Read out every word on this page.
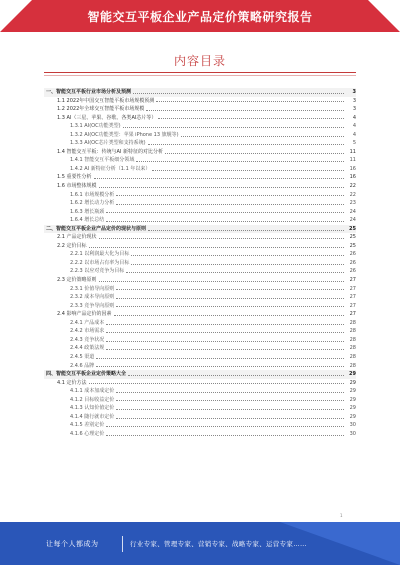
智能交互平板企业产品定价策略研究报告
内容目录
一、智能交互平板行业市场分析及预测	3
1.1 2022年中国交互智能平板市场规模预测	3
1.2 2022年全球交互智能平板市场规模	3
1.3 AI（三星、苹果、谷歌、各类AI芯片等）	4
1.3.1 AI(OC功能类型)	4
1.3.2 AI(OC功能类型：苹果 iPhone 13 旗舰等)	4
1.3.3 AI(OC芯片类型和支持系统)	5
1.4 智能交互平板：传统与AI 新特征的对比分析	11
1.4.1 智能交互平板细分领域	11
1.4.2 AI 新特征分析（1.1 年以来）	16
1.5 重要性分析	16
1.6 市场整体规模	22
1.6.1 市场规模分析	22
1.6.2 增长动力分析	23
1.6.3 增长瓶颈	24
1.6.4 增长总结	24
二、智能交互平板企业产品定价的现状与原则	25
2.1 产品定价现状	25
2.2 定价目标	25
2.2.1 以利润最大化为目标	26
2.2.2 以市场占有率为目标	26
2.2.3 以应对竞争为目标	26
2.3 定价策略原则	27
2.3.1 价值导向原则	27
2.3.2 成本导向原则	27
2.3.3 竞争导向原则	27
2.4 影响产品定价的因素	27
2.4.1 产品成本	28
2.4.2 市场需求	28
2.4.3 竞争状况	28
2.4.4 政策法规	28
2.4.5 渠道	28
2.4.6 品牌	28
四、智能交互平板企业定价策略大全	29
4.1 定价方法	29
4.1.1 成本加成定价	29
4.1.2 目标收益定价	29
4.1.3 认知价值定价	29
4.1.4 随行就市定价	29
4.1.5 差别定价	30
4.1.6 心理定价	30
1
让每个人都成为	行业专家、管理专家、营销专家、战略专家、运营专家……
